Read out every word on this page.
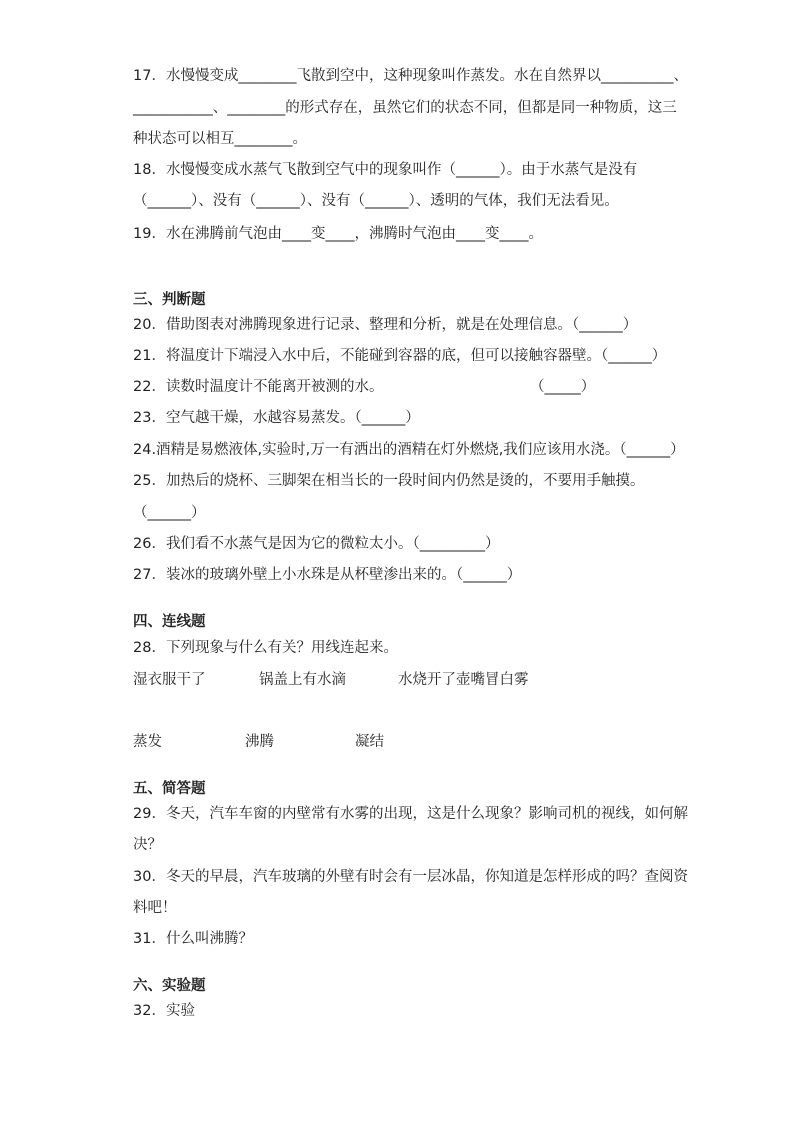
17．水慢慢变成________飞散到空中，这种现象叫作蒸发。水在自然界以__________、
___________、________的形式存在，虽然它们的状态不同，但都是同一种物质，这三
种状态可以相互________。
18．水慢慢变成水蒸气飞散到空气中的现象叫作（______）。由于水蒸气是没有
（______）、没有（______）、没有（______）、透明的气体，我们无法看见。
19．水在沸腾前气泡由____变____，沸腾时气泡由____变____。
三、判断题
20．借助图表对沸腾现象进行记录、整理和分析，就是在处理信息。（______）
21．将温度计下端浸入水中后，不能碰到容器的底，但可以接触容器壁。（______）
22．读数时温度计不能离开被测的水。	（_____）
23．空气越干燥，水越容易蒸发。（______）
24.酒精是易燃液体,实验时,万一有洒出的酒精在灯外燃烧,我们应该用水浇。（______）
25．加热后的烧杯、三脚架在相当长的一段时间内仍然是烫的，不要用手触摸。
（______）
26．我们看不水蒸气是因为它的微粒太小。（_________）
27．装冰的玻璃外壁上小水珠是从杯壁渗出来的。（______）
四、连线题
28．下列现象与什么有关？用线连起来。
湿衣服干了	锅盖上有水滴	水烧开了壶嘴冒白雾
蒸发	沸腾	凝结
五、简答题
29．冬天，汽车车窗的内壁常有水雾的出现，这是什么现象？影响司机的视线，如何解
决？
30．冬天的早晨，汽车玻璃的外壁有时会有一层冰晶，你知道是怎样形成的吗？查阅资
料吧！
31．什么叫沸腾？
六、实验题
32．实验
